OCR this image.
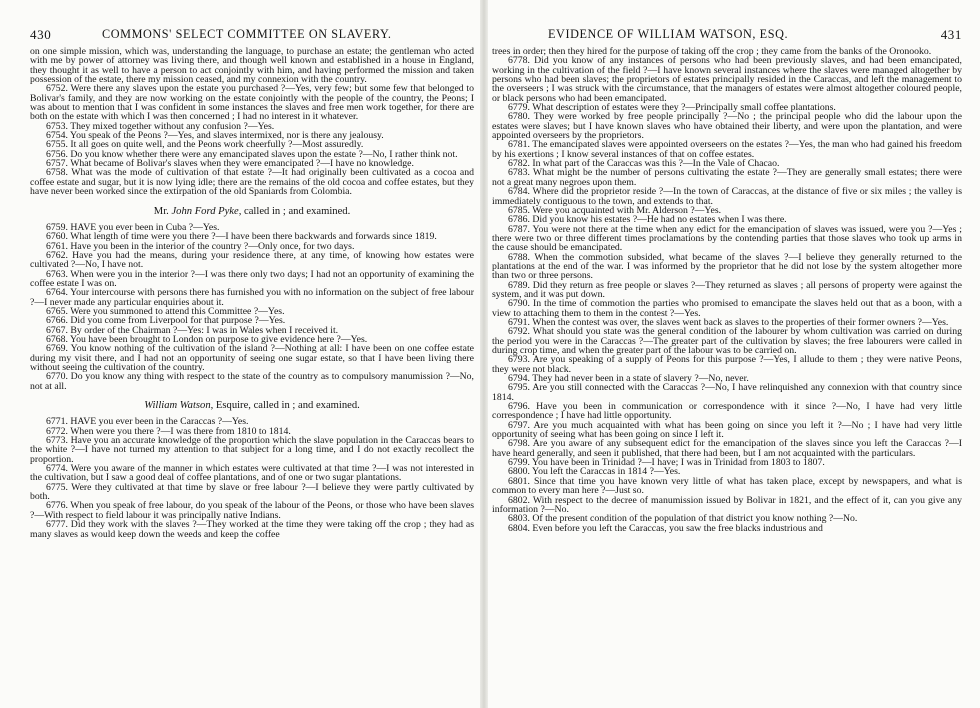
430	COMMONS' SELECT COMMITTEE ON SLAVERY.

on one simple mission, which was, understanding the language, to purchase an estate; the gentleman who acted with me by power of attorney was living there, and though well known and established in a house in England, they thought it as well to have a person to act conjointly with him, and having performed the mission and taken possession of the estate, there my mission ceased, and my connexion with the country.

6752. Were there any slaves upon the estate you purchased ?—Yes, very few; but some few that belonged to Bolivar's family, and they are now working on the estate conjointly with the people of the country, the Peons; I was about to mention that I was confident in some instances the slaves and free men work together, for there are both on the estate with which I was then concerned ; I had no interest in it whatever.

6753. They mixed together without any confusion ?—Yes.

6754. You speak of the Peons ?—Yes, and slaves intermixed, nor is there any jealousy.

6755. It all goes on quite well, and the Peons work cheerfully ?—Most assuredly.

6756. Do you know whether there were any emancipated slaves upon the estate ?—No, I rather think not.

6757. What became of Bolivar's slaves when they were emancipated ?—I have no knowledge.

6758. What was the mode of cultivation of that estate ?—It had originally been cultivated as a cocoa and coffee estate and sugar, but it is now lying idle; there are the remains of the old cocoa and coffee estates, but they have never been worked since the extirpation of the old Spaniards from Colombia.

Mr. John Ford Pyke, called in ; and examined.

6759. HAVE you ever been in Cuba ?—Yes.

6760. What length of time were you there ?—I have been there backwards and forwards since 1819.

6761. Have you been in the interior of the country ?—Only once, for two days.

6762. Have you had the means, during your residence there, at any time, of knowing how estates were cultivated ?—No, I have not.

6763. When were you in the interior ?—I was there only two days; I had not an opportunity of examining the coffee estate I was on.

6764. Your intercourse with persons there has furnished you with no information on the subject of free labour ?—I never made any particular enquiries about it.

6765. Were you summoned to attend this Committee ?—Yes.

6766. Did you come from Liverpool for that purpose ?—Yes.

6767. By order of the Chairman ?—Yes: I was in Wales when I received it.

6768. You have been brought to London on purpose to give evidence here ?—Yes.

6769. You know nothing of the cultivation of the island ?—Nothing at all: I have been on one coffee estate during my visit there, and I had not an opportunity of seeing one sugar estate, so that I have been living there without seeing the cultivation of the country.

6770. Do you know any thing with respect to the state of the country as to compulsory manumission ?—No, not at all.

William Watson, Esquire, called in ; and examined.

6771. HAVE you ever been in the Caraccas ?—Yes.

6772. When were you there ?—I was there from 1810 to 1814.

6773. Have you an accurate knowledge of the proportion which the slave population in the Caraccas bears to the white ?—I have not turned my attention to that subject for a long time, and I do not exactly recollect the proportion.

6774. Were you aware of the manner in which estates were cultivated at that time ?—I was not interested in the cultivation, but I saw a good deal of coffee plantations, and of one or two sugar plantations.

6775. Were they cultivated at that time by slave or free labour ?—I believe they were partly cultivated by both.

6776. When you speak of free labour, do you speak of the labour of the Peons, or those who have been slaves ?—With respect to field labour it was principally native Indians.

6777. Did they work with the slaves ?—They worked at the time they were taking off the crop ; they had as many slaves as would keep down the weeds and keep the coffee

EVIDENCE OF WILLIAM WATSON, ESQ.	431

trees in order; then they hired for the purpose of taking off the crop ; they came from the banks of the Oronooko.

6778. Did you know of any instances of persons who had been previously slaves, and had been emancipated, working in the cultivation of the field ?—I have known several instances where the slaves were managed altogether by persons who had been slaves; the proprietors of estates principally resided in the Caraccas, and left the management to the overseers ; I was struck with the circumstance, that the managers of estates were almost altogether coloured people, or black persons who had been emancipated.

6779. What description of estates were they ?—Principally small coffee plantations.

6780. They were worked by free people principally ?—No ; the principal people who did the labour upon the estates were slaves; but I have known slaves who have obtained their liberty, and were upon the plantation, and were appointed overseers by the proprietors.

6781. The emancipated slaves were appointed overseers on the estates ?—Yes, the man who had gained his freedom by his exertions ; I know several instances of that on coffee estates.

6782. In what part of the Caraccas was this ?—In the Vale of Chacao.

6783. What might be the number of persons cultivating the estate ?—They are generally small estates; there were not a great many negroes upon them.

6784. Where did the proprietor reside ?—In the town of Caraccas, at the distance of five or six miles ; the valley is immediately contiguous to the town, and extends to that.

6785. Were you acquainted with Mr. Alderson ?—Yes.

6786. Did you know his estates ?—He had no estates when I was there.

6787. You were not there at the time when any edict for the emancipation of slaves was issued, were you ?—Yes ; there were two or three different times proclamations by the contending parties that those slaves who took up arms in the cause should be emancipated.

6788. When the commotion subsided, what became of the slaves ?—I believe they generally returned to the plantations at the end of the war. I was informed by the proprietor that he did not lose by the system altogether more than two or three persons.

6789. Did they return as free people or slaves ?—They returned as slaves ; all persons of property were against the system, and it was put down.

6790. In the time of commotion the parties who promised to emancipate the slaves held out that as a boon, with a view to attaching them to them in the contest ?—Yes.

6791. When the contest was over, the slaves went back as slaves to the properties of their former owners ?—Yes.

6792. What should you state was the general condition of the labourer by whom cultivation was carried on during the period you were in the Caraccas ?—The greater part of the cultivation by slaves; the free labourers were called in during crop time, and when the greater part of the labour was to be carried on.

6793. Are you speaking of a supply of Peons for this purpose ?—Yes, I allude to them ; they were native Peons, they were not black.

6794. They had never been in a state of slavery ?—No, never.

6795. Are you still connected with the Caraccas ?—No, I have relinquished any connexion with that country since 1814.

6796. Have you been in communication or correspondence with it since ?—No, I have had very little correspondence ; I have had little opportunity.

6797. Are you much acquainted with what has been going on since you left it ?—No ; I have had very little opportunity of seeing what has been going on since I left it.

6798. Are you aware of any subsequent edict for the emancipation of the slaves since you left the Caraccas ?—I have heard generally, and seen it published, that there had been, but I am not acquainted with the particulars.

6799. You have been in Trinidad ?—I have; I was in Trinidad from 1803 to 1807.

6800. You left the Caraccas in 1814 ?—Yes.

6801. Since that time you have known very little of what has taken place, except by newspapers, and what is common to every man here ?—Just so.

6802. With respect to the decree of manumission issued by Bolivar in 1821, and the effect of it, can you give any information ?—No.

6803. Of the present condition of the population of that district you know nothing ?—No.

6804. Even before you left the Caraccas, you saw the free blacks industrious and
